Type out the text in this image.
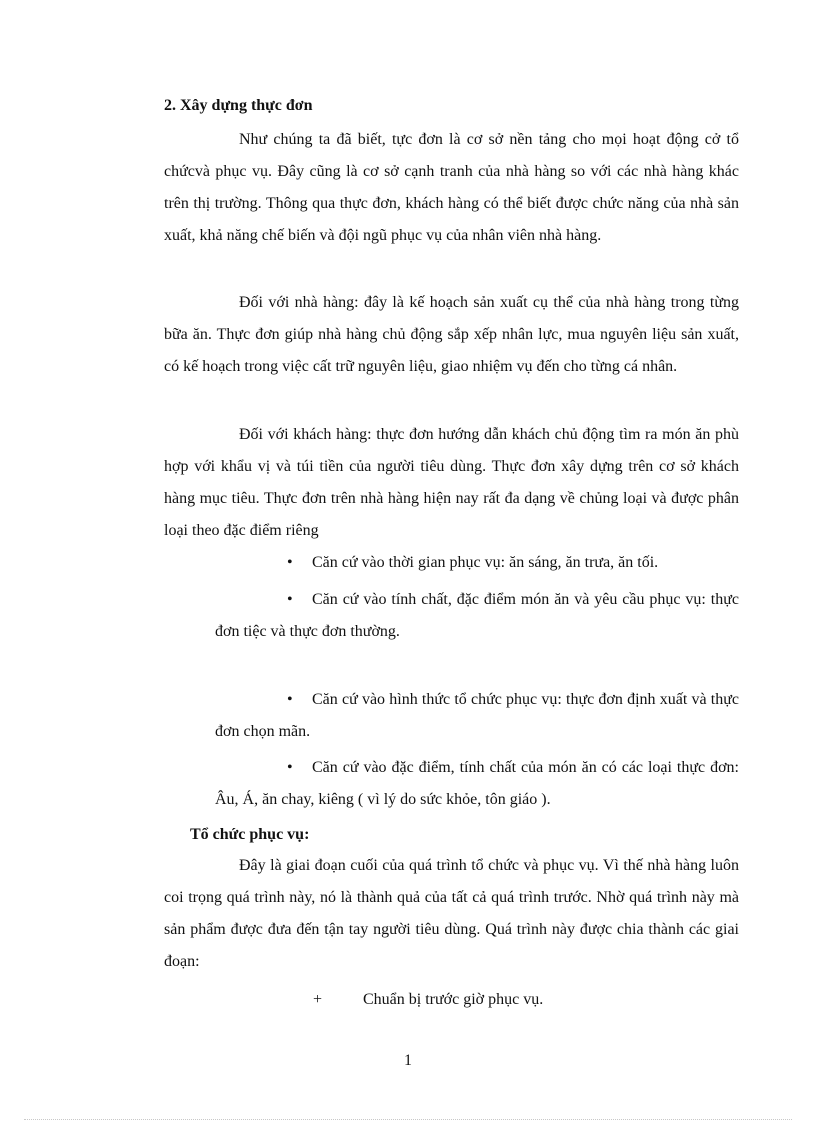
2. Xây dựng thực đơn

Như chúng ta đã biết, tực đơn là cơ sở nền tảng cho mọi hoạt động cở tổ chứcvà phục vụ. Đây cũng là cơ sở cạnh tranh của nhà hàng so với các nhà hàng khác trên thị trường. Thông qua thực đơn, khách hàng có thể biết được chức năng của nhà sản xuất, khả năng chế biến và đội ngũ phục vụ của nhân viên nhà hàng.

Đối với nhà hàng: đây là kế hoạch sản xuất cụ thể của nhà hàng trong từng bữa ăn. Thực đơn giúp nhà hàng chủ động sắp xếp nhân lực, mua nguyên liệu sản xuất, có kế hoạch trong việc cất trữ nguyên liệu, giao nhiệm vụ đến cho từng cá nhân.

Đối với khách hàng: thực đơn hướng dẫn khách chủ động tìm ra món ăn phù hợp với khẩu vị và túi tiền của người tiêu dùng. Thực đơn xây dựng trên cơ sở khách hàng mục tiêu. Thực đơn trên nhà hàng hiện nay rất đa dạng về chủng loại và được phân loại theo đặc điểm riêng

•	Căn cứ vào thời gian phục vụ: ăn sáng, ăn trưa, ăn tối.

•	Căn cứ vào tính chất, đặc điểm món ăn và yêu cầu phục vụ: thực đơn tiệc và thực đơn thường.

•	Căn cứ vào hình thức tổ chức phục vụ: thực đơn định xuất và thực đơn chọn mãn.

•	Căn cứ vào đặc điểm, tính chất của món ăn có các loại thực đơn: Âu, Á, ăn chay, kiêng ( vì lý do sức khỏe, tôn giáo ).

Tổ chức phục vụ:

Đây là giai đoạn cuối của quá trình tổ chức và phục vụ. Vì thế nhà hàng luôn coi trọng quá trình này, nó là thành quả của tất cả quá trình trước. Nhờ quá trình này mà sản phẩm được đưa đến tận tay người tiêu dùng. Quá trình này được chia thành các giai đoạn:

+	Chuẩn bị trước giờ phục vụ.
1
